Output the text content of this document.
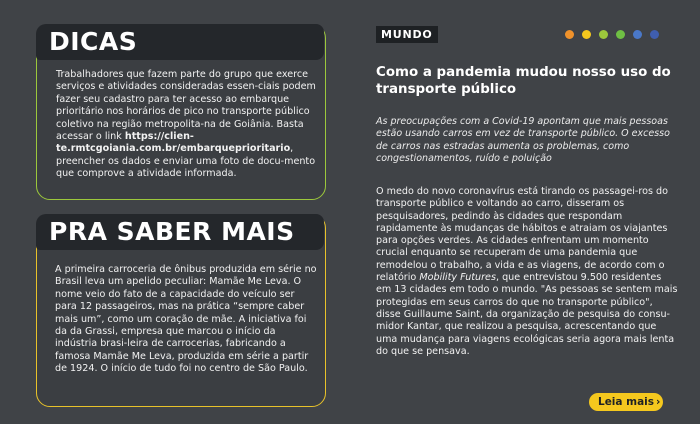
DICAS
Trabalhadores que fazem parte do grupo que exerce serviços e atividades consideradas essen-ciais podem fazer seu cadastro para ter acesso ao embarque prioritário nos horários de pico no transporte público coletivo na região metropolita-na de Goiânia. Basta acessar o link https://clien-te.rmtcgoiania.com.br/embarqueprioritario, preencher os dados e enviar uma foto de docu-mento que comprove a atividade informada.
PRA SABER MAIS
A primeira carroceria de ônibus produzida em série no Brasil leva um apelido peculiar: Mamãe Me Leva. O nome veio do fato de a capacidade do veículo ser para 12 passageiros, mas na prática “sempre caber mais um”, como um coração de mãe. A iniciativa foi da da Grassi, empresa que marcou o início da indústria brasi-leira de carrocerias, fabricando a famosa Mamãe Me Leva, produzida em série a partir de 1924. O início de tudo foi no centro de São Paulo.
MUNDO
Como a pandemia mudou nosso uso do transporte público
As preocupações com a Covid-19 apontam que mais pessoas estão usando carros em vez de transporte público. O excesso de carros nas estradas aumenta os problemas, como congestionamentos, ruído e poluição
O medo do novo coronavírus está tirando os passagei-ros do transporte público e voltando ao carro, disseram os pesquisadores, pedindo às cidades que respondam rapidamente às mudanças de hábitos e atraiam os viajantes para opções verdes. As cidades enfrentam um momento crucial enquanto se recuperam de uma pandemia que remodelou o trabalho, a vida e as viagens, de acordo com o relatório Mobility Futures, que entrevistou 9.500 residentes em 13 cidades em todo o mundo. "As pessoas se sentem mais protegidas em seus carros do que no transporte público", disse Guillaume Saint, da organização de pesquisa do consu-midor Kantar, que realizou a pesquisa, acrescentando que uma mudança para viagens ecológicas seria agora mais lenta do que se pensava.
Leia mais ›
